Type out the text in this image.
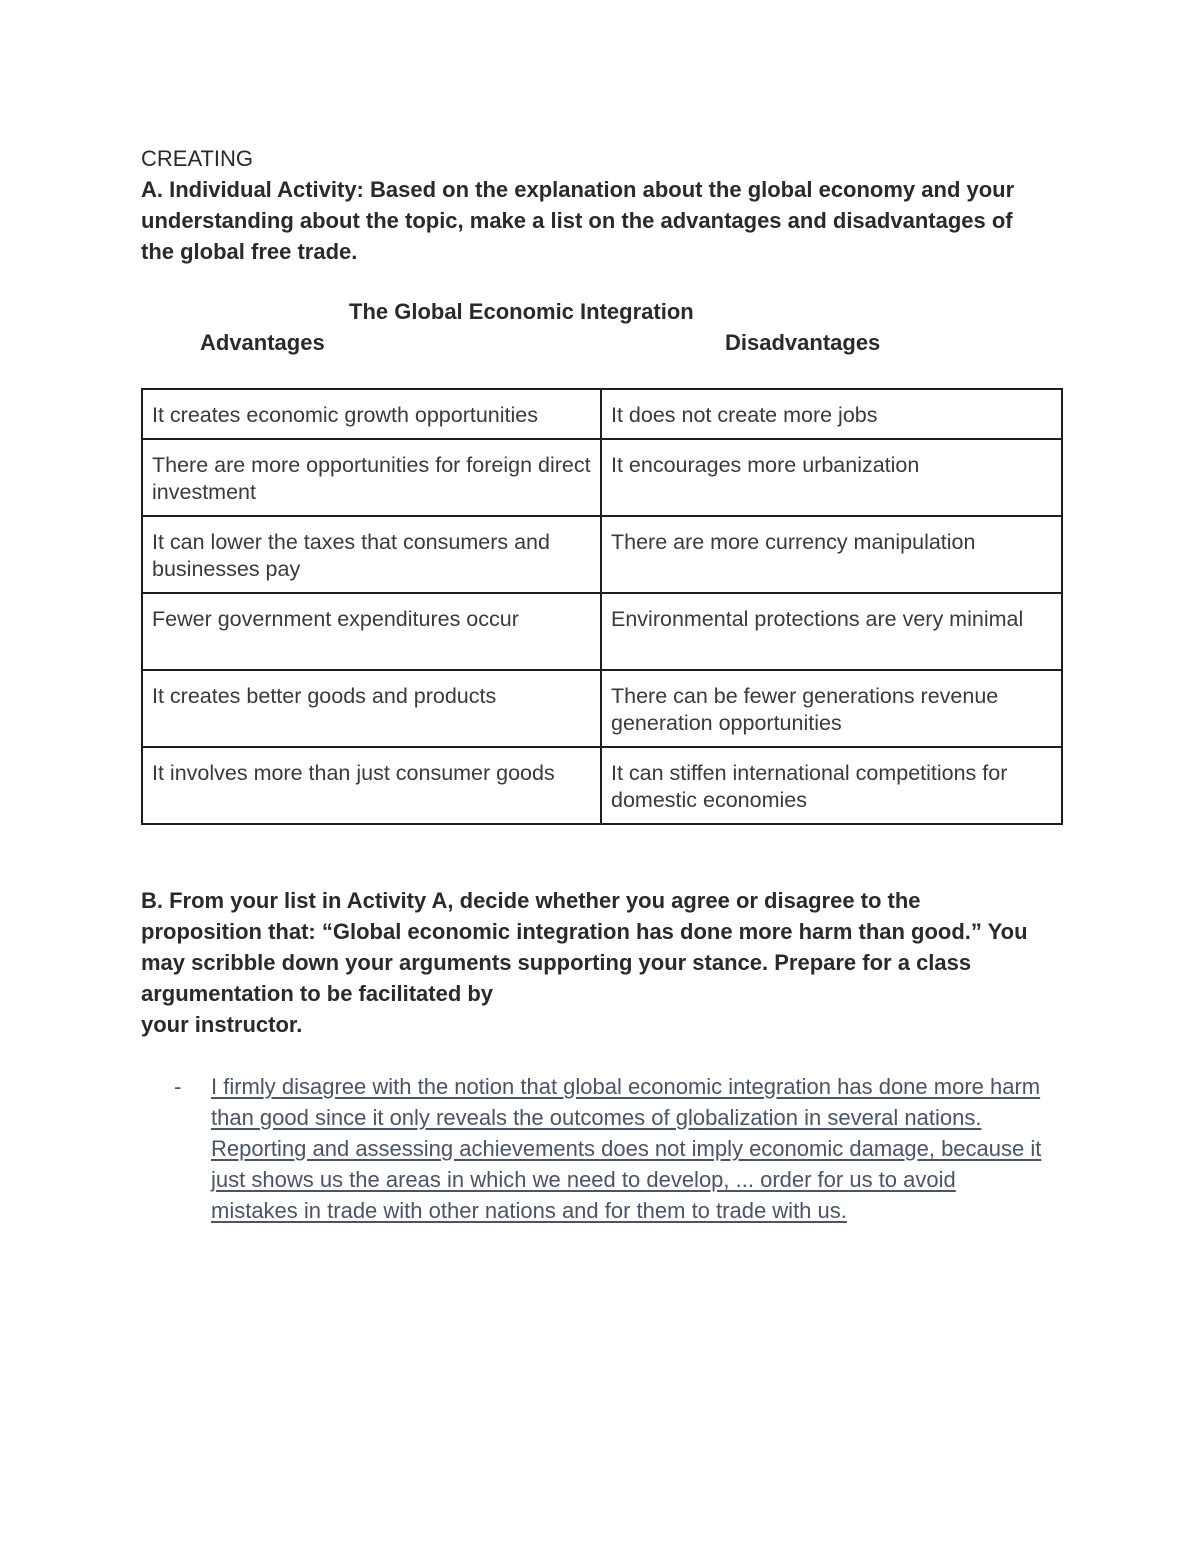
CREATING
A. Individual Activity: Based on the explanation about the global economy and your understanding about the topic, make a list on the advantages and disadvantages of the global free trade.
The Global Economic Integration
Advantages	Disadvantages
It creates economic growth opportunities	It does not create more jobs
There are more opportunities for foreign direct investment	It encourages more urbanization
It can lower the taxes that consumers and businesses pay	There are more currency manipulation
Fewer government expenditures occur	Environmental protections are very minimal
It creates better goods and products	There can be fewer generations revenue generation opportunities
It involves more than just consumer goods	It can stiffen international competitions for domestic economies
B. From your list in Activity A, decide whether you agree or disagree to the proposition that: “Global economic integration has done more harm than good.” You may scribble down your arguments supporting your stance. Prepare for a class argumentation to be facilitated by
your instructor.
- I firmly disagree with the notion that global economic integration has done more harm than good since it only reveals the outcomes of globalization in several nations. Reporting and assessing achievements does not imply economic damage, because it just shows us the areas in which we need to develop, ... order for us to avoid mistakes in trade with other nations and for them to trade with us.
